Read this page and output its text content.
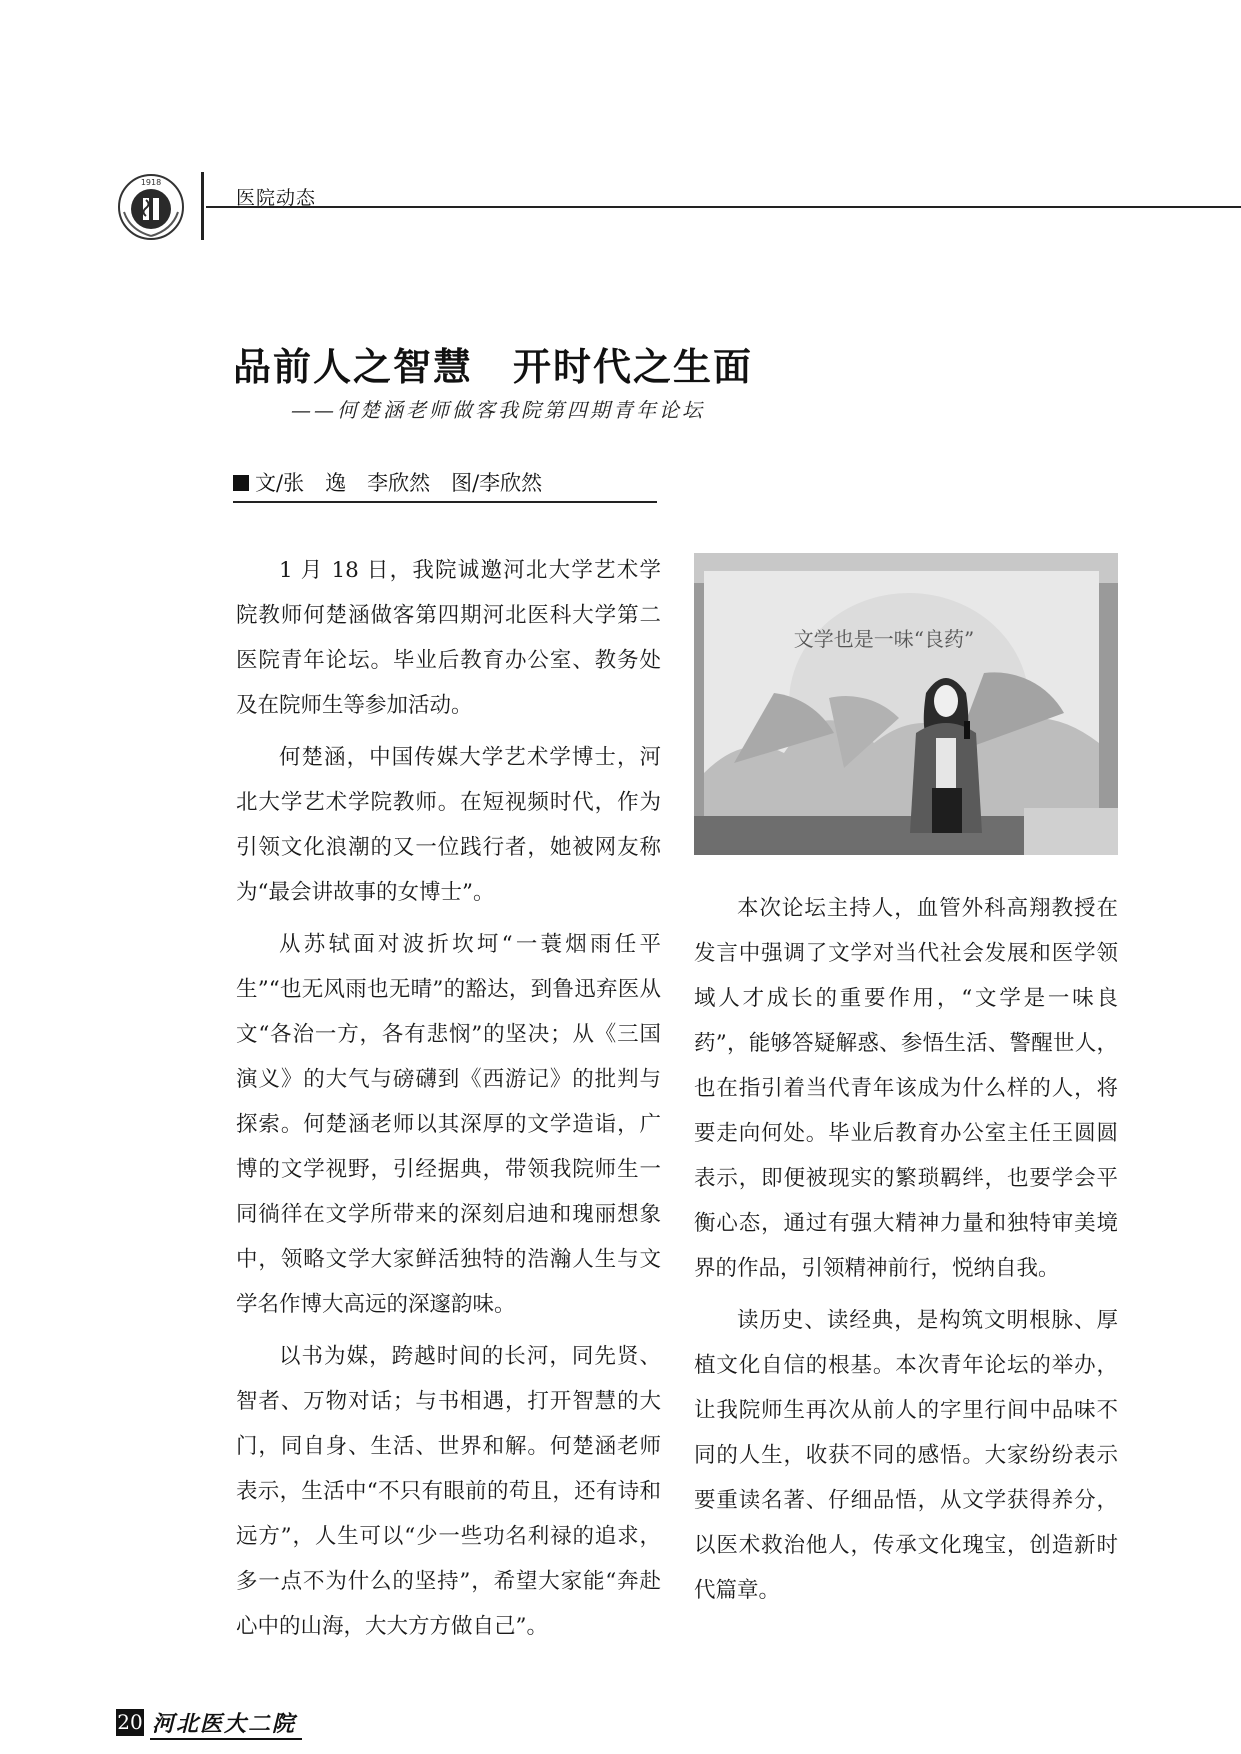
1918
医院动态
品前人之智慧　开时代之生面
——何楚涵老师做客我院第四期青年论坛
文/张　逸　李欣然　图/李欣然

1 月 18 日，我院诚邀河北大学艺术学院教师何楚涵做客第四期河北医科大学第二医院青年论坛。毕业后教育办公室、教务处及在院师生等参加活动。

何楚涵，中国传媒大学艺术学博士，河北大学艺术学院教师。在短视频时代，作为引领文化浪潮的又一位践行者，她被网友称为“最会讲故事的女博士”。

从苏轼面对波折坎坷“一蓑烟雨任平生”“也无风雨也无晴”的豁达，到鲁迅弃医从文“各治一方，各有悲悯”的坚决；从《三国演义》的大气与磅礴到《西游记》的批判与探索。何楚涵老师以其深厚的文学造诣，广博的文学视野，引经据典，带领我院师生一同徜徉在文学所带来的深刻启迪和瑰丽想象中，领略文学大家鲜活独特的浩瀚人生与文学名作博大高远的深邃韵味。

以书为媒，跨越时间的长河，同先贤、智者、万物对话；与书相遇，打开智慧的大门，同自身、生活、世界和解。何楚涵老师表示，生活中“不只有眼前的苟且，还有诗和远方”，人生可以“少一些功名利禄的追求，多一点不为什么的坚持”，希望大家能“奔赴心中的山海，大大方方做自己”。

文学也是一味“良药”

本次论坛主持人，血管外科高翔教授在发言中强调了文学对当代社会发展和医学领域人才成长的重要作用，“文学是一味良药”，能够答疑解惑、参悟生活、警醒世人，也在指引着当代青年该成为什么样的人，将要走向何处。毕业后教育办公室主任王圆圆表示，即便被现实的繁琐羁绊，也要学会平衡心态，通过有强大精神力量和独特审美境界的作品，引领精神前行，悦纳自我。

读历史、读经典，是构筑文明根脉、厚植文化自信的根基。本次青年论坛的举办，让我院师生再次从前人的字里行间中品味不同的人生，收获不同的感悟。大家纷纷表示要重读名著、仔细品悟，从文学获得养分，以医术救治他人，传承文化瑰宝，创造新时代篇章。

20 河北医大二院
